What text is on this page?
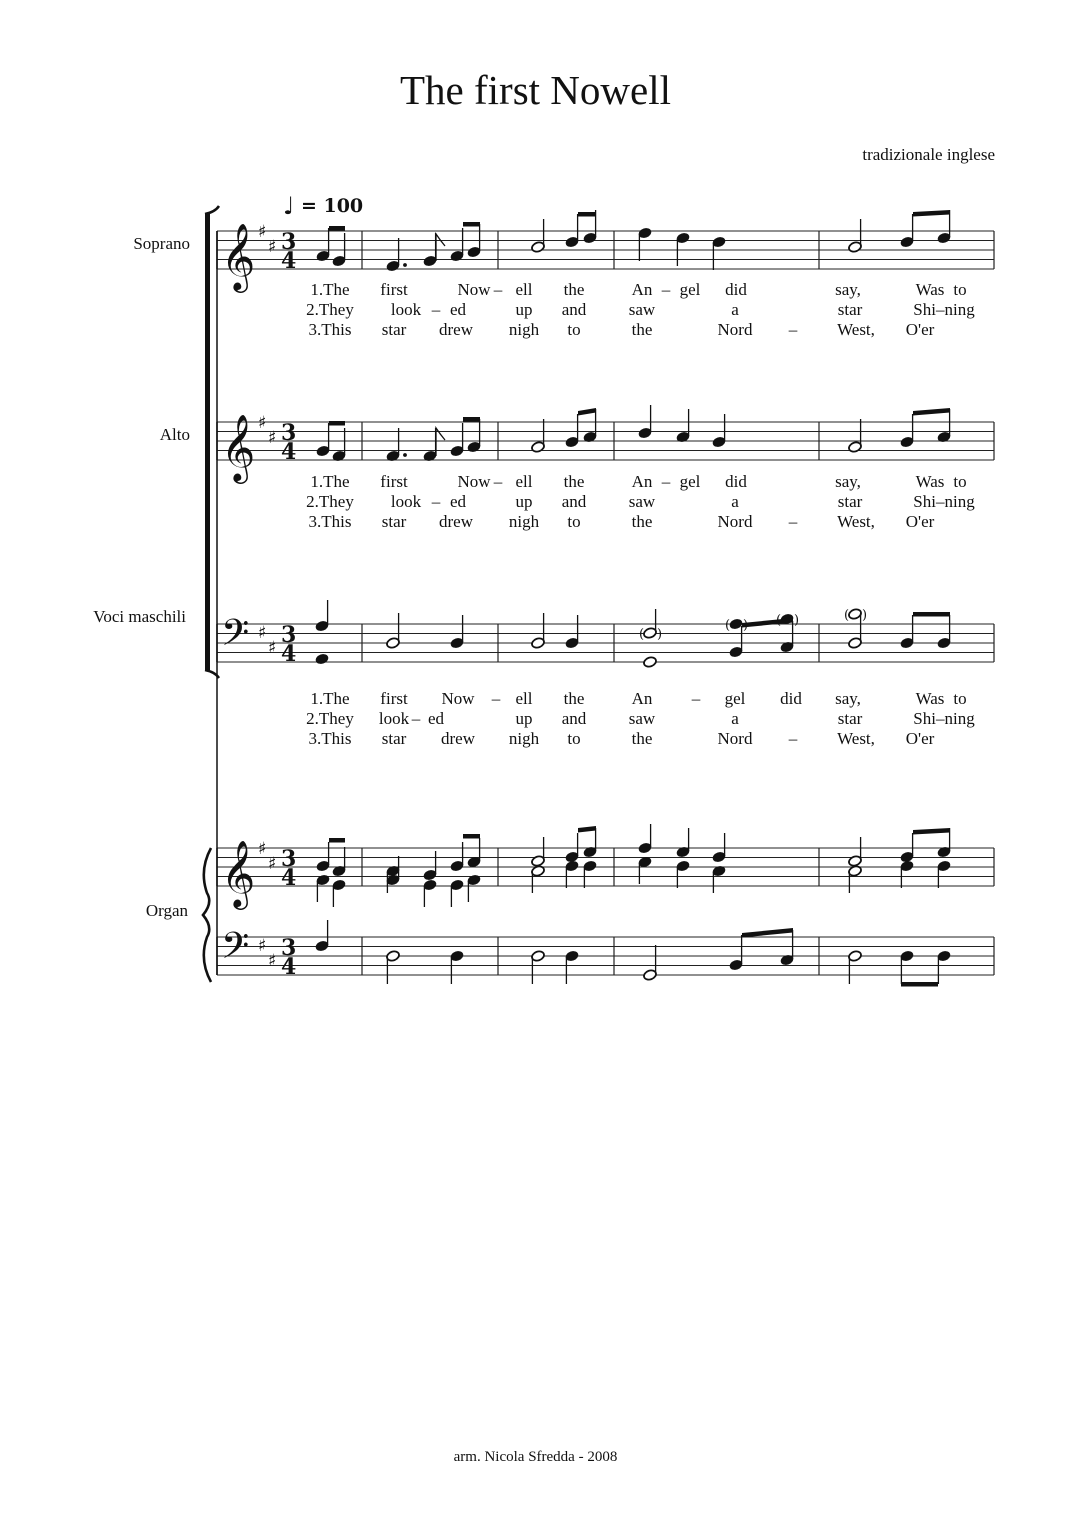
The first Nowell
tradizionale inglese
♩ = 100
Soprano
Alto
Voci maschili
Organ
𝄞 ♯
♯ 3
4
𝄞 ♯
♯ 3
4
𝄢 ♯
♯ 3
4
( )
(	)	( )
𝄞 ♯
♯ 3
4
𝄢 ♯
♯ 3
4
1.The first	Now – ell the	An – gel did	say,	Was to
2.They look – ed	up and	saw	a	star	Shi–ning
3.This star drew nigh to	the	Nord – West, O'er
1.The first	Now – ell the	An – gel did	say,	Was to
2.They look – ed	up and	saw	a	star	Shi–ning
3.This star drew nigh to	the	Nord – West, O'er
1.The first Now – ell the	An – gel did say,	Was to
2.They look – ed	up and	saw	a	star	Shi–ning
3.This star drew nigh to	the	Nord – West, O'er
arm. Nicola Sfredda - 2008
